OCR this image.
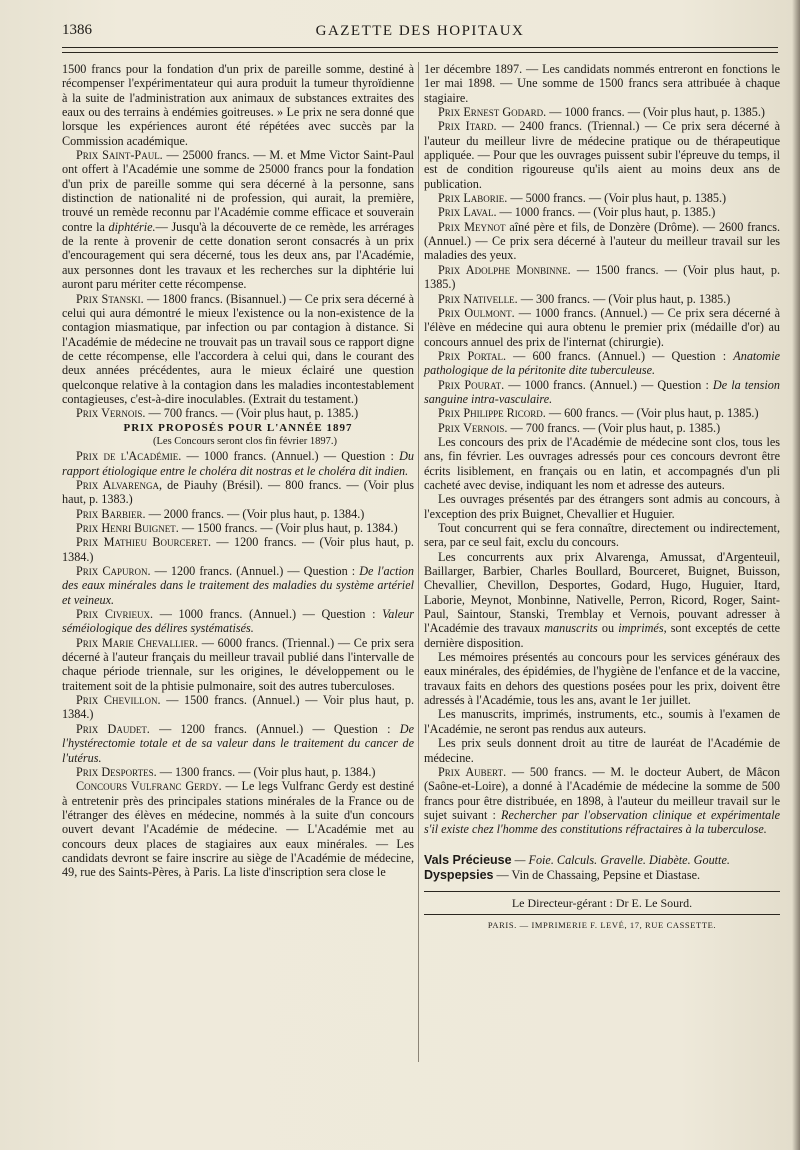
1386	GAZETTE DES HOPITAUX

1500 francs pour la fondation d'un prix de pareille somme, destiné à récompenser l'expérimentateur qui aura produit la tumeur thyroïdienne à la suite de l'administration aux animaux de substances extraites des eaux ou des terrains à endémies goitreuses. » Le prix ne sera donné que lorsque les expériences auront été répétées avec succès par la Commission académique.

Prix Saint-Paul. — 25000 francs. — M. et Mme Victor Saint-Paul ont offert à l'Académie une somme de 25000 francs pour la fondation d'un prix de pareille somme qui sera décerné à la personne, sans distinction de nationalité ni de profession, qui aurait, la première, trouvé un remède reconnu par l'Académie comme efficace et souverain contre la diphtérie.— Jusqu'à la découverte de ce remède, les arrérages de la rente à provenir de cette donation seront consacrés à un prix d'encouragement qui sera décerné, tous les deux ans, par l'Académie, aux personnes dont les travaux et les recherches sur la diphtérie lui auront paru mériter cette récompense.

Prix Stanski. — 1800 francs. (Bisannuel.) — Ce prix sera décerné à celui qui aura démontré le mieux l'existence ou la non-existence de la contagion miasmatique, par infection ou par contagion à distance. Si l'Académie de médecine ne trouvait pas un travail sous ce rapport digne de cette récompense, elle l'accordera à celui qui, dans le courant des deux années précédentes, aura le mieux éclairé une question quelconque relative à la contagion dans les maladies incontestablement contagieuses, c'est-à-dire inoculables. (Extrait du testament.)

Prix Vernois. — 700 francs. — (Voir plus haut, p. 1385.)

PRIX PROPOSÉS POUR L'ANNÉE 1897

(Les Concours seront clos fin février 1897.)

Prix de l'Académie. — 1000 francs. (Annuel.) — Question : Du rapport étiologique entre le choléra dit nostras et le choléra dit indien.

Prix Alvarenga, de Piauhy (Brésil). — 800 francs. — (Voir plus haut, p. 1383.)

Prix Barbier. — 2000 francs. — (Voir plus haut, p. 1384.)

Prix Henri Buignet. — 1500 francs. — (Voir plus haut, p. 1384.)

Prix Mathieu Bourceret. — 1200 francs. — (Voir plus haut, p. 1384.)

Prix Capuron. — 1200 francs. (Annuel.) — Question : De l'action des eaux minérales dans le traitement des maladies du système artériel et veineux.

Prix Civrieux. — 1000 francs. (Annuel.) — Question : Valeur séméiologique des délires systématisés.

Prix Marie Chevallier. — 6000 francs. (Triennal.) — Ce prix sera décerné à l'auteur français du meilleur travail publié dans l'intervalle de chaque période triennale, sur les origines, le développement ou le traitement soit de la phtisie pulmonaire, soit des autres tuberculoses.

Prix Chevillon. — 1500 francs. (Annuel.) — Voir plus haut, p. 1384.)

Prix Daudet. — 1200 francs. (Annuel.) — Question : De l'hystérectomie totale et de sa valeur dans le traitement du cancer de l'utérus.

Prix Desportes. — 1300 francs. — (Voir plus haut, p. 1384.)

Concours Vulfranc Gerdy. — Le legs Vulfranc Gerdy est destiné à entretenir près des principales stations minérales de la France ou de l'étranger des élèves en médecine, nommés à la suite d'un concours ouvert devant l'Académie de médecine. — L'Académie met au concours deux places de stagiaires aux eaux minérales. — Les candidats devront se faire inscrire au siège de l'Académie de médecine, 49, rue des Saints-Pères, à Paris. La liste d'inscription sera close le

1er décembre 1897. — Les candidats nommés entreront en fonctions le 1er mai 1898. — Une somme de 1500 francs sera attribuée à chaque stagiaire.

Prix Ernest Godard. — 1000 francs. — (Voir plus haut, p. 1385.)

Prix Itard. — 2400 francs. (Triennal.) — Ce prix sera décerné à l'auteur du meilleur livre de médecine pratique ou de thérapeutique appliquée. — Pour que les ouvrages puissent subir l'épreuve du temps, il est de condition rigoureuse qu'ils aient au moins deux ans de publication.

Prix Laborie. — 5000 francs. — (Voir plus haut, p. 1385.)

Prix Laval. — 1000 francs. — (Voir plus haut, p. 1385.)

Prix Meynot aîné père et fils, de Donzère (Drôme). — 2600 francs. (Annuel.) — Ce prix sera décerné à l'auteur du meilleur travail sur les maladies des yeux.

Prix Adolphe Monbinne. — 1500 francs. — (Voir plus haut, p. 1385.)

Prix Nativelle. — 300 francs. — (Voir plus haut, p. 1385.)

Prix Oulmont. — 1000 francs. (Annuel.) — Ce prix sera décerné à l'élève en médecine qui aura obtenu le premier prix (médaille d'or) au concours annuel des prix de l'internat (chirurgie).

Prix Portal. — 600 francs. (Annuel.) — Question : Anatomie pathologique de la péritonite dite tuberculeuse.

Prix Pourat. — 1000 francs. (Annuel.) — Question : De la tension sanguine intra-vasculaire.

Prix Philippe Ricord. — 600 francs. — (Voir plus haut, p. 1385.)

Prix Vernois. — 700 francs. — (Voir plus haut, p. 1385.)

Les concours des prix de l'Académie de médecine sont clos, tous les ans, fin février. Les ouvrages adressés pour ces concours devront être écrits lisiblement, en français ou en latin, et accompagnés d'un pli cacheté avec devise, indiquant les nom et adresse des auteurs.

Les ouvrages présentés par des étrangers sont admis au concours, à l'exception des prix Buignet, Chevallier et Huguier.

Tout concurrent qui se fera connaître, directement ou indirectement, sera, par ce seul fait, exclu du concours.

Les concurrents aux prix Alvarenga, Amussat, d'Argenteuil, Baillarger, Barbier, Charles Boullard, Bourceret, Buignet, Buisson, Chevallier, Chevillon, Desportes, Godard, Hugo, Huguier, Itard, Laborie, Meynot, Monbinne, Nativelle, Perron, Ricord, Roger, Saint-Paul, Saintour, Stanski, Tremblay et Vernois, pouvant adresser à l'Académie des travaux manuscrits ou imprimés, sont exceptés de cette dernière disposition.

Les mémoires présentés au concours pour les services généraux des eaux minérales, des épidémies, de l'hygiène de l'enfance et de la vaccine, travaux faits en dehors des questions posées pour les prix, doivent être adressés à l'Académie, tous les ans, avant le 1er juillet.

Les manuscrits, imprimés, instruments, etc., soumis à l'examen de l'Académie, ne seront pas rendus aux auteurs.

Les prix seuls donnent droit au titre de lauréat de l'Académie de médecine.

Prix Aubert. — 500 francs. — M. le docteur Aubert, de Mâcon (Saône-et-Loire), a donné à l'Académie de médecine la somme de 500 francs pour être distribuée, en 1898, à l'auteur du meilleur travail sur le sujet suivant : Rechercher par l'observation clinique et expérimentale s'il existe chez l'homme des constitutions réfractaires à la tuberculose.

Vals Précieuse — Foie. Calculs. Gravelle. Diabète. Goutte.

Dyspepsies — Vin de Chassaing, Pepsine et Diastase.

Le Directeur-gérant : Dr E. Le Sourd.

PARIS. — IMPRIMERIE F. LEVÉ, 17, RUE CASSETTE.
